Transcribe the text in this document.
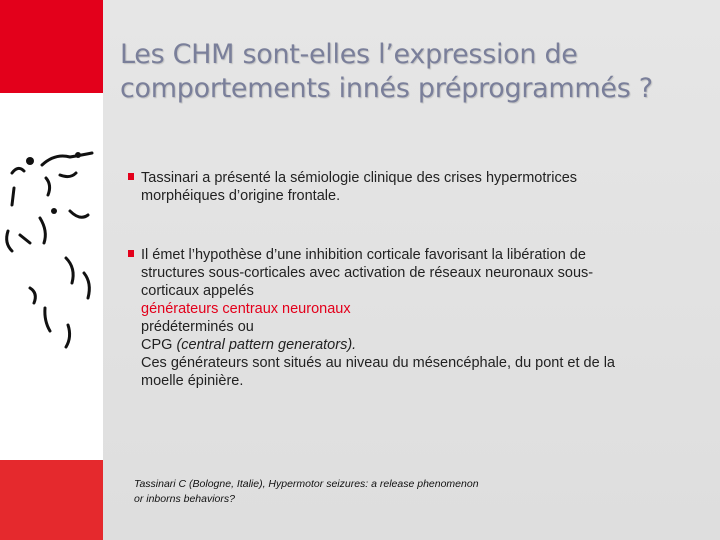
Les CHM sont-elles l’expression de
comportements innés préprogrammés ?
Tassinari a présenté la sémiologie clinique des crises hypermotrices
morphéiques d’origine frontale.
Il émet l’hypothèse d’une inhibition corticale favorisant la libération de
structures sous-corticales avec activation de réseaux neuronaux sous-
corticaux appelés
générateurs centraux neuronaux
prédéterminés ou
CPG (central pattern generators).
Ces générateurs sont situés au niveau du mésencéphale, du pont et de la
moelle épinière.
Tassinari C (Bologne, Italie), Hypermotor seizures: a release phenomenon
or inborns behaviors?
